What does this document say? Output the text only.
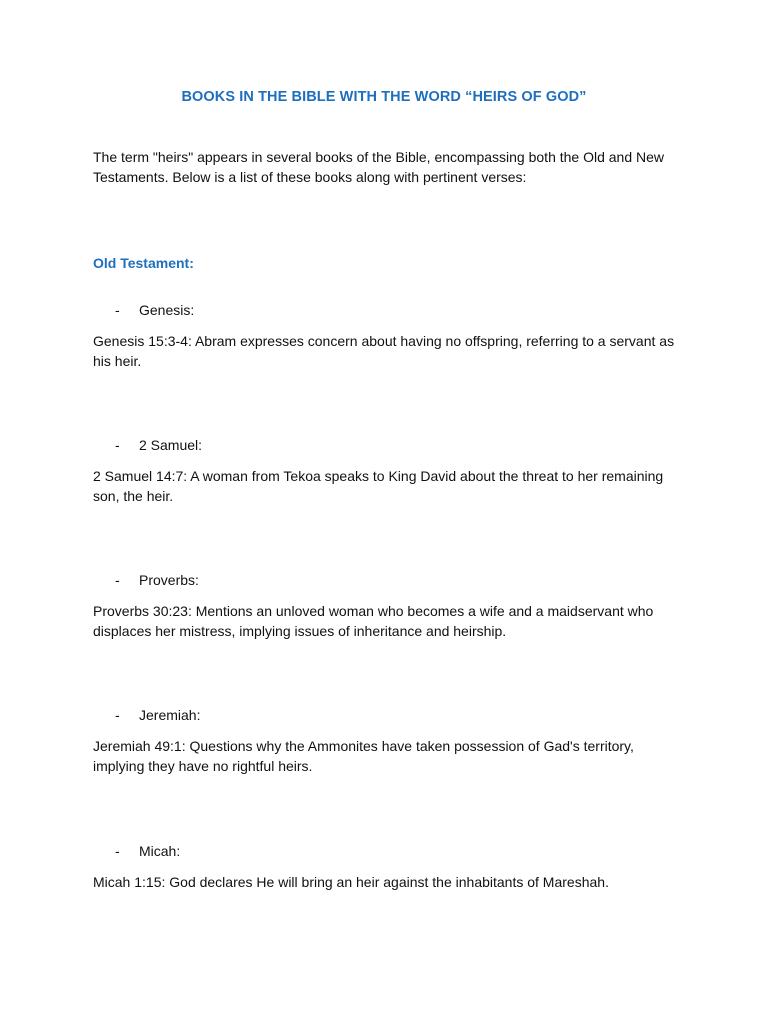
BOOKS IN THE BIBLE WITH THE WORD “HEIRS OF GOD”
The term "heirs" appears in several books of the Bible, encompassing both the Old and New Testaments. Below is a list of these books along with pertinent verses:
Old Testament:
- Genesis:
Genesis 15:3-4: Abram expresses concern about having no offspring, referring to a servant as his heir.
- 2 Samuel:
2 Samuel 14:7: A woman from Tekoa speaks to King David about the threat to her remaining son, the heir.
- Proverbs:
Proverbs 30:23: Mentions an unloved woman who becomes a wife and a maidservant who displaces her mistress, implying issues of inheritance and heirship.
- Jeremiah:
Jeremiah 49:1: Questions why the Ammonites have taken possession of Gad's territory, implying they have no rightful heirs.
- Micah:
Micah 1:15: God declares He will bring an heir against the inhabitants of Mareshah.
